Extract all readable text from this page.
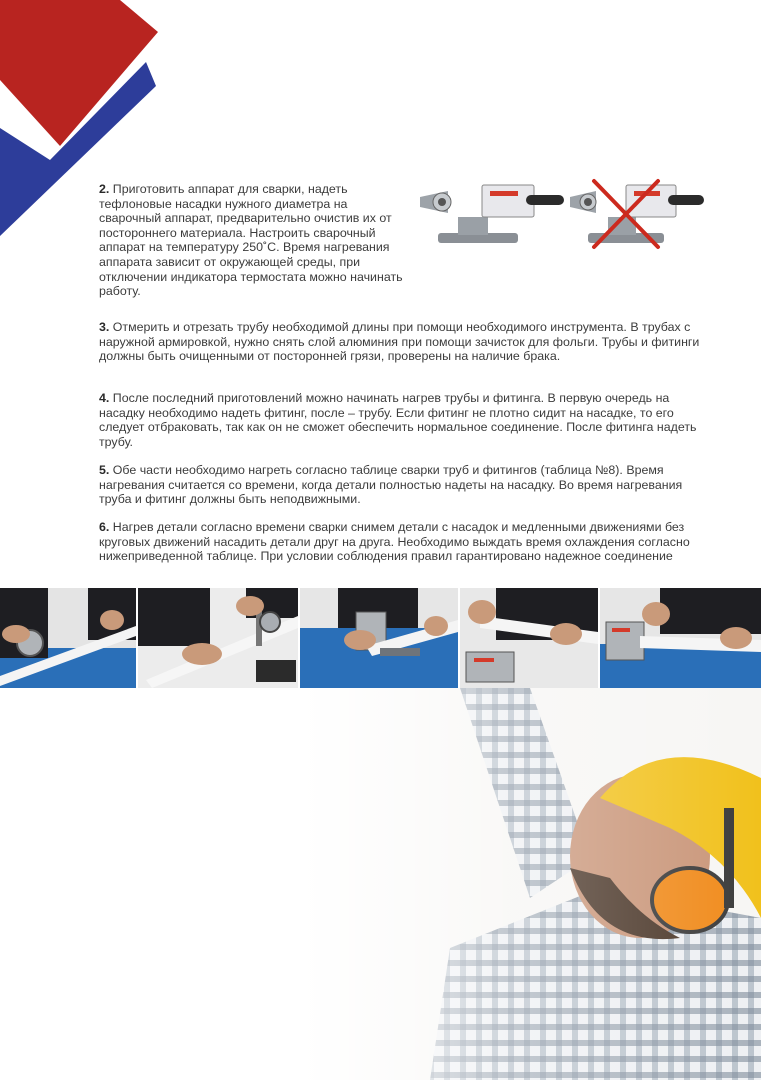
2. Приготовить аппарат для сварки, надеть тефлоновые насадки нужного диаметра на сварочный аппарат, предварительно очистив их от постороннего материала. Настроить сварочный аппарат на температуру 250˚С. Время нагревания аппарата зависит от окружающей среды, при отключении индикатора термостата можно начинать работу.
3. Отмерить и отрезать трубу необходимой длины при помощи необходимого инструмента. В трубах с наружной армировкой, нужно снять слой алюминия при помощи зачисток для фольги. Трубы и фитинги должны быть очищенными от посторонней грязи, проверены на наличие брака.
4. После последний приготовлений можно начинать нагрев трубы и фитинга. В первую очередь на насадку необходимо надеть фитинг, после – трубу. Если фитинг не плотно сидит на насадке, то его следует отбраковать, так как он не сможет обеспечить нормальное соединение. После фитинга надеть трубу.
5. Обе части необходимо нагреть согласно таблице сварки труб и фитингов (таблица №8). Время нагревания считается со времени, когда детали полностью надеты на насадку. Во время нагревания труба и фитинг должны быть неподвижными.
6. Нагрев детали согласно времени сварки снимем детали с насадок и медленными движениями без круговых движений насадить детали друг на друга. Необходимо выждать время охлаждения согласно нижеприведенной таблице. При условии соблюдения правил гарантировано надежное соединение
